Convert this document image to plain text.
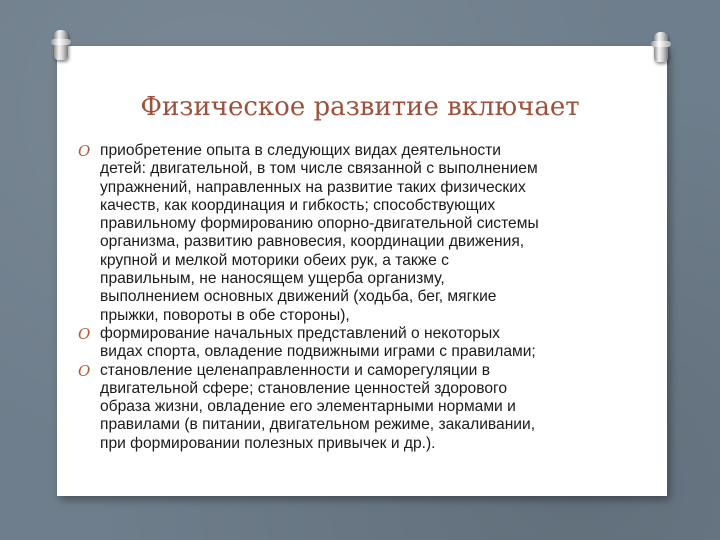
Физическое развитие включает
O приобретение опыта в следующих видах деятельности
детей: двигательной, в том числе связанной с выполнением
упражнений, направленных на развитие таких физических
качеств, как координация и гибкость; способствующих
правильному формированию опорно-двигательной системы
организма, развитию равновесия, координации движения,
крупной и мелкой моторики обеих рук, а также с
правильным, не наносящем ущерба организму,
выполнением основных движений (ходьба, бег, мягкие
прыжки, повороты в обе стороны),
O формирование начальных представлений о некоторых
видах спорта, овладение подвижными играми с правилами;
O становление целенаправленности и саморегуляции в
двигательной сфере; становление ценностей здорового
образа жизни, овладение его элементарными нормами и
правилами (в питании, двигательном режиме, закаливании,
при формировании полезных привычек и др.).
